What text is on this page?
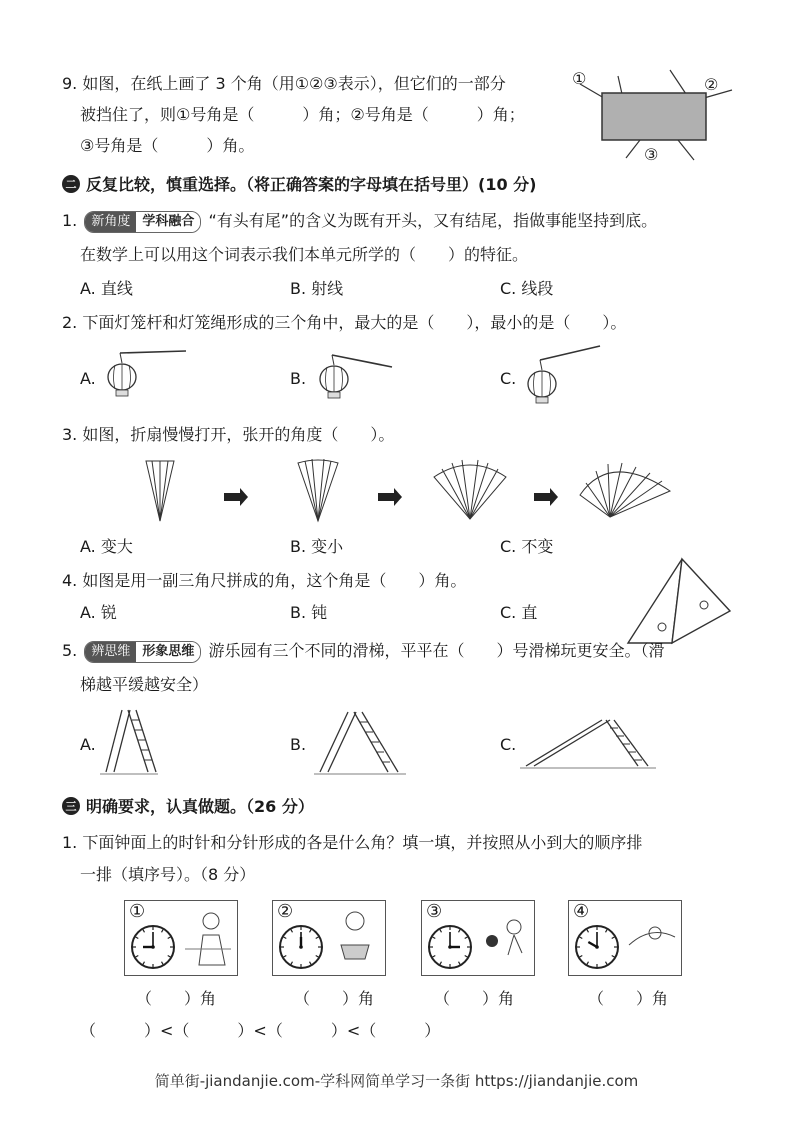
9. 如图，在纸上画了 3 个角（用①②③表示），但它们的一部分
被挡住了，则①号角是（　　　）角；②号角是（　　　）角；
③号角是（　　　）角。
①	②
③
二 反复比较，慎重选择。（将正确答案的字母填在括号里）(10 分)
1.	新角度 学科融合 “有头有尾”的含义为既有开头，又有结尾，指做事能坚持到底。
在数学上可以用这个词表示我们本单元所学的（　　）的特征。
A. 直线	B. 射线	C. 线段
2. 下面灯笼杆和灯笼绳形成的三个角中，最大的是（　　），最小的是（　　）。
A.	B.	C.
3. 如图，折扇慢慢打开，张开的角度（　　）。
A. 变大	B. 变小	C. 不变
4. 如图是用一副三角尺拼成的角，这个角是（　　）角。
A. 锐	B. 钝	C. 直
5.	辨思维 形象思维 游乐园有三个不同的滑梯，平平在（　　）号滑梯玩更安全。（滑
梯越平缓越安全）
A.	B.	C.
三 明确要求，认真做题。（26 分）
1. 下面钟面上的时针和分针形成的各是什么角？填一填，并按照从小到大的顺序排
一排（填序号）。（8 分）
①	②	③	④
（　　）角	（　　）角	（　　）角	（　　）角
（　　　）<（　　　）<（　　　）<（　　　）
简单街-jiandanjie.com-学科网简单学习一条街 https://jiandanjie.com
